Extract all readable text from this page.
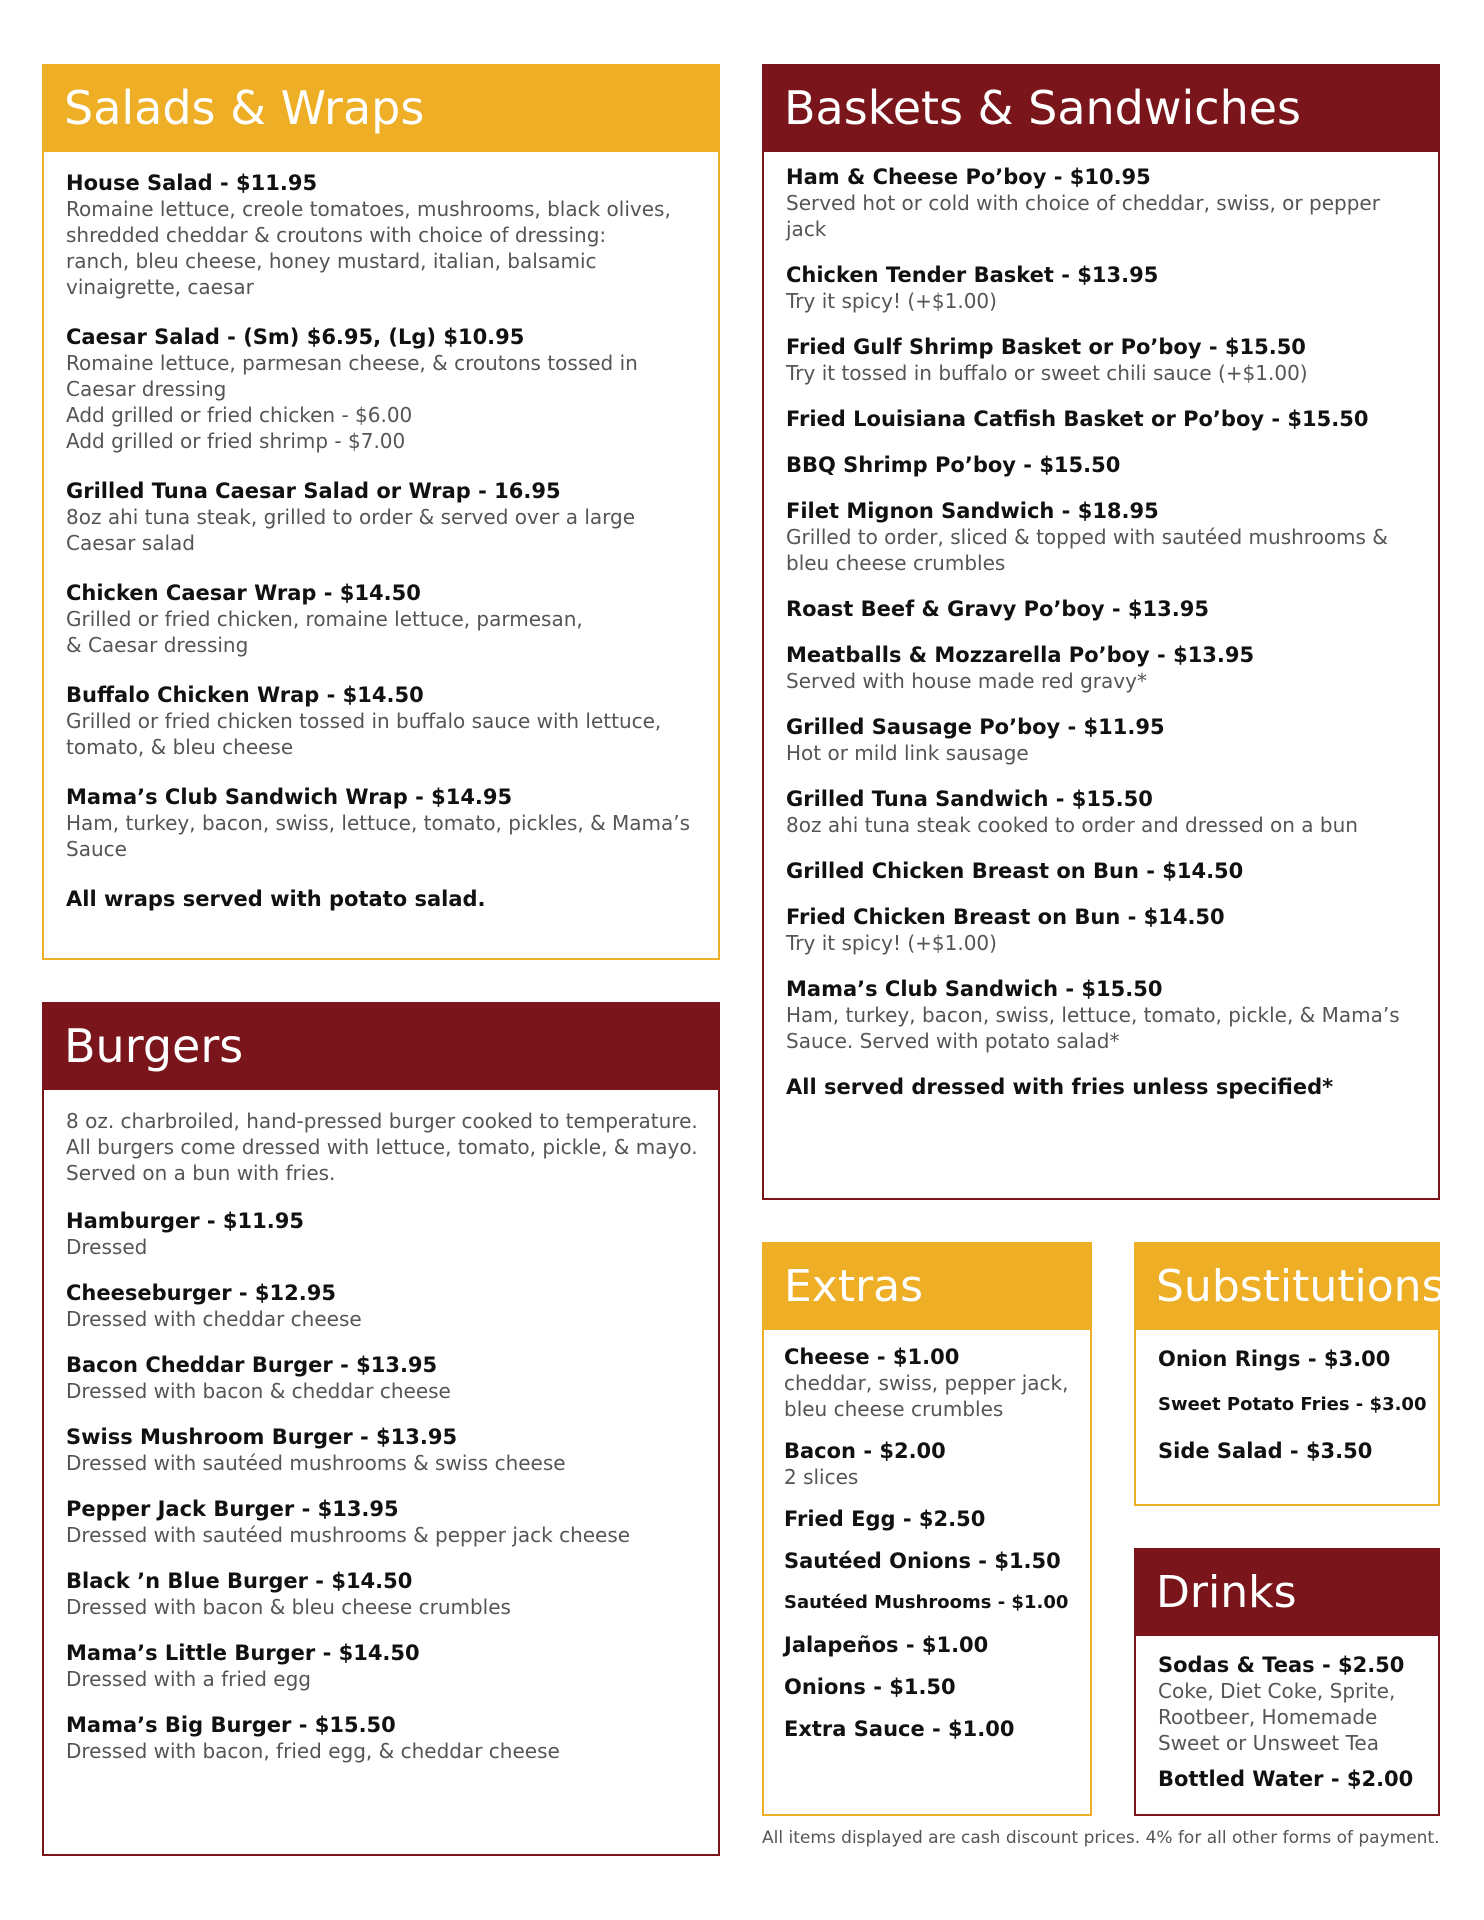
Salads & Wraps
House Salad - $11.95
Romaine lettuce, creole tomatoes, mushrooms, black olives,
shredded cheddar & croutons with choice of dressing:
ranch, bleu cheese, honey mustard, italian, balsamic
vinaigrette, caesar
Caesar Salad - (Sm) $6.95, (Lg) $10.95
Romaine lettuce, parmesan cheese, & croutons tossed in
Caesar dressing
Add grilled or fried chicken - $6.00
Add grilled or fried shrimp - $7.00
Grilled Tuna Caesar Salad or Wrap - 16.95
8oz ahi tuna steak, grilled to order & served over a large
Caesar salad
Chicken Caesar Wrap - $14.50
Grilled or fried chicken, romaine lettuce, parmesan,
& Caesar dressing
Buffalo Chicken Wrap - $14.50
Grilled or fried chicken tossed in buffalo sauce with lettuce,
tomato, & bleu cheese
Mama’s Club Sandwich Wrap - $14.95
Ham, turkey, bacon, swiss, lettuce, tomato, pickles, & Mama’s
Sauce
All wraps served with potato salad.
Burgers
8 oz. charbroiled, hand-pressed burger cooked to temperature.
All burgers come dressed with lettuce, tomato, pickle, & mayo.
Served on a bun with fries.
Hamburger - $11.95
Dressed
Cheeseburger - $12.95
Dressed with cheddar cheese
Bacon Cheddar Burger - $13.95
Dressed with bacon & cheddar cheese
Swiss Mushroom Burger - $13.95
Dressed with sautéed mushrooms & swiss cheese
Pepper Jack Burger - $13.95
Dressed with sautéed mushrooms & pepper jack cheese
Black ’n Blue Burger - $14.50
Dressed with bacon & bleu cheese crumbles
Mama’s Little Burger - $14.50
Dressed with a fried egg
Mama’s Big Burger - $15.50
Dressed with bacon, fried egg, & cheddar cheese
Baskets & Sandwiches
Ham & Cheese Po’boy - $10.95
Served hot or cold with choice of cheddar, swiss, or pepper jack
Chicken Tender Basket - $13.95
Try it spicy! (+$1.00)
Fried Gulf Shrimp Basket or Po’boy - $15.50
Try it tossed in buffalo or sweet chili sauce (+$1.00)
Fried Louisiana Catfish Basket or Po’boy - $15.50
BBQ Shrimp Po’boy - $15.50
Filet Mignon Sandwich - $18.95
Grilled to order, sliced & topped with sautéed mushrooms &
bleu cheese crumbles
Roast Beef & Gravy Po’boy - $13.95
Meatballs & Mozzarella Po’boy - $13.95
Served with house made red gravy*
Grilled Sausage Po’boy - $11.95
Hot or mild link sausage
Grilled Tuna Sandwich - $15.50
8oz ahi tuna steak cooked to order and dressed on a bun
Grilled Chicken Breast on Bun - $14.50
Fried Chicken Breast on Bun - $14.50
Try it spicy! (+$1.00)
Mama’s Club Sandwich - $15.50
Ham, turkey, bacon, swiss, lettuce, tomato, pickle, & Mama’s
Sauce. Served with potato salad*
All served dressed with fries unless specified*
Extras
Cheese - $1.00
cheddar, swiss, pepper jack,
bleu cheese crumbles
Bacon - $2.00
2 slices
Fried Egg - $2.50
Sautéed Onions - $1.50
Sautéed Mushrooms - $1.00
Jalapeños - $1.00
Onions - $1.50
Extra Sauce - $1.00
Substitutions
Onion Rings - $3.00
Sweet Potato Fries - $3.00
Side Salad - $3.50
Drinks
Sodas & Teas - $2.50
Coke, Diet Coke, Sprite,
Rootbeer, Homemade
Sweet or Unsweet Tea
Bottled Water - $2.00
All items displayed are cash discount prices. 4% for all other forms of payment.
